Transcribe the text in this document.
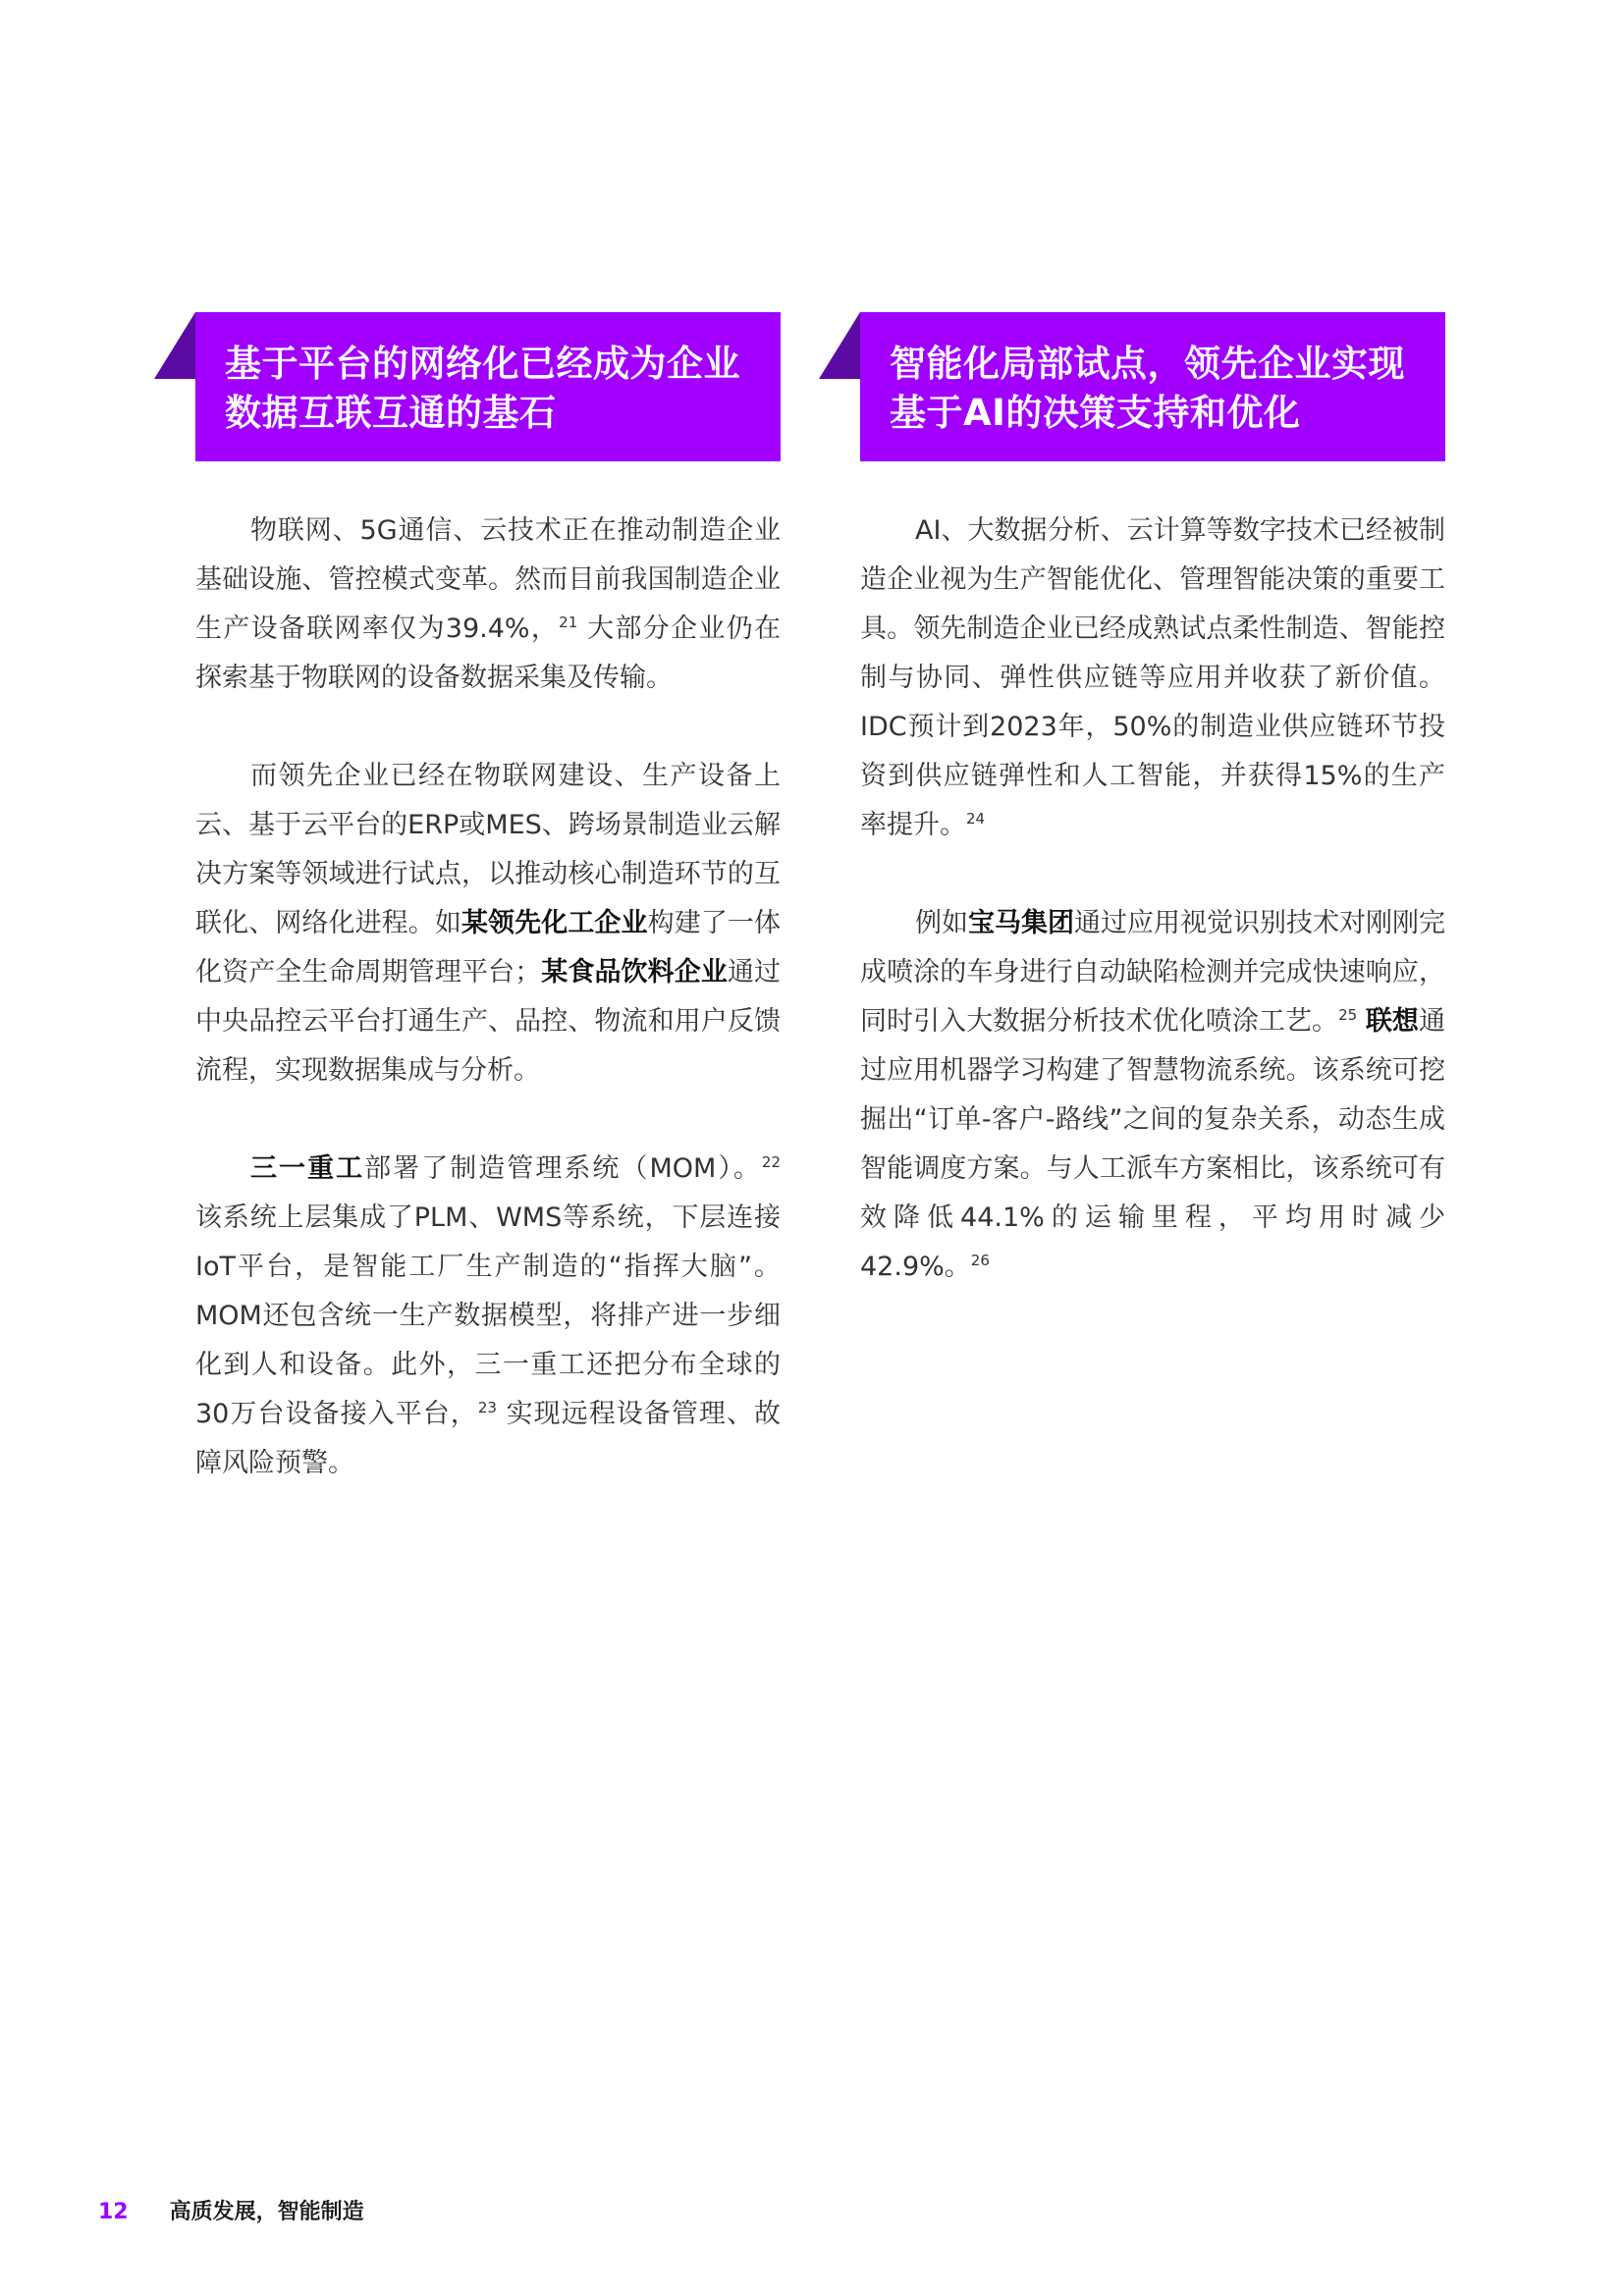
基于平台的网络化已经成为企业
数据互联互通的基石

物联网、5G通信、云技术正在推动制造企业基础设施、管控模式变革。然而目前我国制造企业生产设备联网率仅为39.4%，$^{21}$ 大部分企业仍在探索基于物联网的设备数据采集及传输。

而领先企业已经在物联网建设、生产设备上云、基于云平台的ERP或MES、跨场景制造业云解决方案等领域进行试点，以推动核心制造环节的互联化、网络化进程。如某领先化工企业构建了一体化资产全生命周期管理平台；某食品饮料企业通过中央品控云平台打通生产、品控、物流和用户反馈流程，实现数据集成与分析。

三一重工部署了制造管理系统（MOM）。$^{22}$ 该系统上层集成了PLM、WMS等系统，下层连接IoT平台，是智能工厂生产制造的“指挥大脑”。MOM还包含统一生产数据模型，将排产进一步细化到人和设备。此外，三一重工还把分布全球的30万台设备接入平台，$^{23}$ 实现远程设备管理、故障风险预警。

智能化局部试点，领先企业实现
基于AI的决策支持和优化

AI、大数据分析、云计算等数字技术已经被制造企业视为生产智能优化、管理智能决策的重要工具。领先制造企业已经成熟试点柔性制造、智能控制与协同、弹性供应链等应用并收获了新价值。IDC预计到2023年，50%的制造业供应链环节投资到供应链弹性和人工智能，并获得15%的生产率提升。$^{24}$

例如宝马集团通过应用视觉识别技术对刚刚完成喷涂的车身进行自动缺陷检测并完成快速响应，同时引入大数据分析技术优化喷涂工艺。$^{25}$ 联想通过应用机器学习构建了智慧物流系统。该系统可挖掘出“订单-客户-路线”之间的复杂关系，动态生成智能调度方案。与人工派车方案相比，该系统可有效降低44.1%的运输里程，平均用时减少42.9%。$^{26}$

12 高质发展，智能制造
